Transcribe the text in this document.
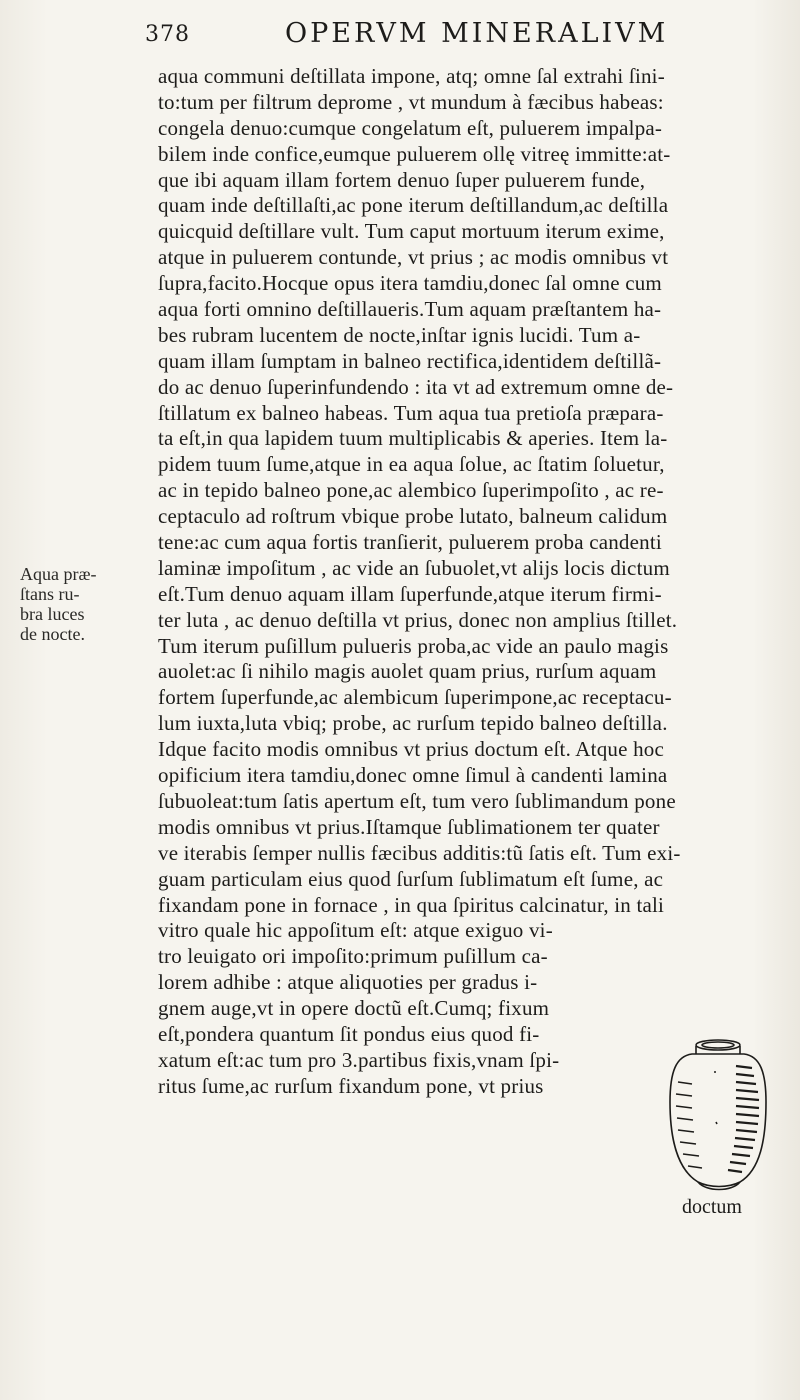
378	OPERVM MINERALIVM
Aqua præ-
ſtans ru-
bra luces
de nocte.
aqua communi deſtillata impone, atq; omne ſal extrahi ſini-
to:tum per filtrum deprome , vt mundum à fæcibus habeas:
congela denuo:cumque congelatum eſt, puluerem impalpa-
bilem inde confice,eumque puluerem ollę vitreę immitte:at-
que ibi aquam illam fortem denuo ſuper puluerem funde,
quam inde deſtillaſti,ac pone iterum deſtillandum,ac deſtilla
quicquid deſtillare vult. Tum caput mortuum iterum exime,
atque in puluerem contunde, vt prius ; ac modis omnibus vt
ſupra,facito.Hocque opus itera tamdiu,donec ſal omne cum
aqua forti omnino deſtillaueris.Tum aquam præſtantem ha-
bes rubram lucentem de nocte,inſtar ignis lucidi. Tum a-
quam illam ſumptam in balneo rectifica,identidem deſtillã-
do ac denuo ſuperinfundendo : ita vt ad extremum omne de-
ſtillatum ex balneo habeas. Tum aqua tua pretioſa præpara-
ta eſt,in qua lapidem tuum multiplicabis & aperies. Item la-
pidem tuum ſume,atque in ea aqua ſolue, ac ſtatim ſoluetur,
ac in tepido balneo pone,ac alembico ſuperimpoſito , ac re-
ceptaculo ad roſtrum vbique probe lutato, balneum calidum
tene:ac cum aqua fortis tranſierit, puluerem proba candenti
laminæ impoſitum , ac vide an ſubuolet,vt alijs locis dictum
eſt.Tum denuo aquam illam ſuperfunde,atque iterum firmi-
ter luta , ac denuo deſtilla vt prius, donec non amplius ſtillet.
Tum iterum puſillum pulueris proba,ac vide an paulo magis
auolet:ac ſi nihilo magis auolet quam prius, rurſum aquam
fortem ſuperfunde,ac alembicum ſuperimpone,ac receptacu-
lum iuxta,luta vbiq; probe, ac rurſum tepido balneo deſtilla.
Idque facito modis omnibus vt prius doctum eſt. Atque hoc
opificium itera tamdiu,donec omne ſimul à candenti lamina
ſubuoleat:tum ſatis apertum eſt, tum vero ſublimandum pone
modis omnibus vt prius.Iſtamque ſublimationem ter quater
ve iterabis ſemper nullis fæcibus additis:tũ ſatis eſt. Tum exi-
guam particulam eius quod ſurſum ſublimatum eſt ſume, ac
fixandam pone in fornace , in qua ſpiritus calcinatur, in tali
vitro quale hic appoſitum eſt: atque exiguo vi-
tro leuigato ori impoſito:primum puſillum ca-
lorem adhibe : atque aliquoties per gradus i-
gnem auge,vt in opere doctũ eſt.Cumq; fixum
eſt,pondera quantum ſit pondus eius quod fi-
xatum eſt:ac tum pro 3.partibus fixis,vnam ſpi-
ritus ſume,ac rurſum fixandum pone, vt prius
doctum
